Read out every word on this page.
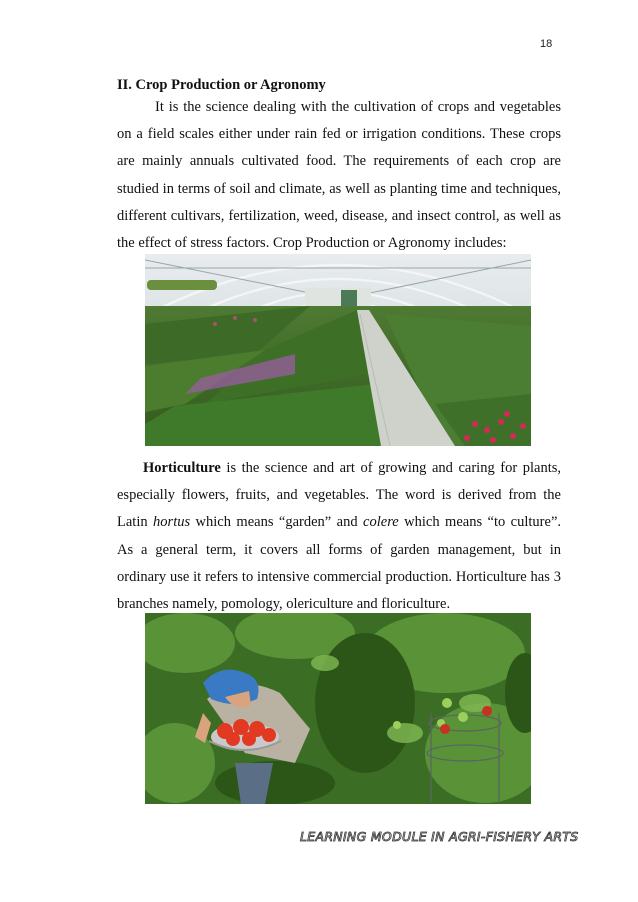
18
II. Crop Production or Agronomy

It is the science dealing with the cultivation of crops and vegetables on a field scales either under rain fed or irrigation conditions. These crops are mainly annuals cultivated food. The requirements of each crop are studied in terms of soil and climate, as well as planting time and techniques, different cultivars, fertilization, weed, disease, and insect control, as well as the effect of stress factors. Crop Production or Agronomy includes:

Horticulture is the science and art of growing and caring for plants, especially flowers, fruits, and vegetables. The word is derived from the Latin hortus which means “garden” and colere which means “to culture”. As a general term, it covers all forms of garden management, but in ordinary use it refers to intensive commercial production. Horticulture has 3 branches namely, pomology, olericulture and floriculture.

LEARNING MODULE IN AGRI-FISHERY ARTS
